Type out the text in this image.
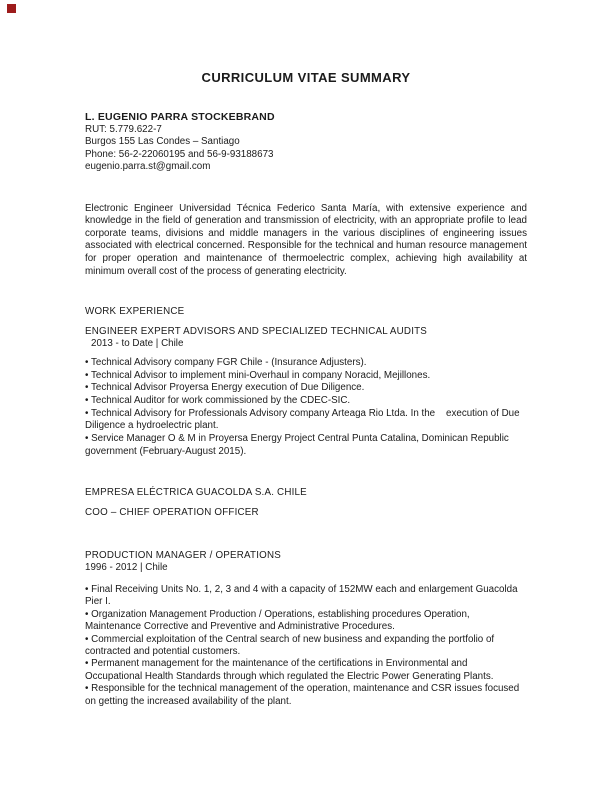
CURRICULUM VITAE SUMMARY
L. EUGENIO PARRA STOCKEBRAND
RUT: 5.779.622-7
Burgos 155 Las Condes – Santiago
Phone: 56-2-22060195 and 56-9-93188673
eugenio.parra.st@gmail.com
Electronic Engineer Universidad Técnica Federico Santa María, with extensive experience and knowledge in the field of generation and transmission of electricity, with an appropriate profile to lead corporate teams, divisions and middle managers in the various disciplines of engineering issues associated with electrical concerned. Responsible for the technical and human resource management for proper operation and maintenance of thermoelectric complex, achieving high availability at minimum overall cost of the process of generating electricity.
WORK EXPERIENCE
ENGINEER EXPERT ADVISORS AND SPECIALIZED TECHNICAL AUDITS
2013 - to Date | Chile
• Technical Advisory company FGR Chile - (Insurance Adjusters).
• Technical Advisor to implement mini-Overhaul in company Noracid, Mejillones.
• Technical Advisor Proyersa Energy execution of Due Diligence.
• Technical Auditor for work commissioned by the CDEC-SIC.
• Technical Advisory for Professionals Advisory company Arteaga Rio Ltda. In the    execution of Due Diligence a hydroelectric plant.
• Service Manager O & M in Proyersa Energy Project Central Punta Catalina, Dominican Republic government (February-August 2015).
EMPRESA ELÉCTRICA GUACOLDA S.A. CHILE
COO – CHIEF OPERATION OFFICER
PRODUCTION MANAGER / OPERATIONS
1996 - 2012 | Chile
• Final Receiving Units No. 1, 2, 3 and 4 with a capacity of 152MW each and enlargement Guacolda Pier I.
• Organization Management Production / Operations, establishing procedures Operation, Maintenance Corrective and Preventive and Administrative Procedures.
• Commercial exploitation of the Central search of new business and expanding the portfolio of contracted and potential customers.
• Permanent management for the maintenance of the certifications in Environmental and Occupational Health Standards through which regulated the Electric Power Generating Plants.
• Responsible for the technical management of the operation, maintenance and CSR issues focused on getting the increased availability of the plant.
